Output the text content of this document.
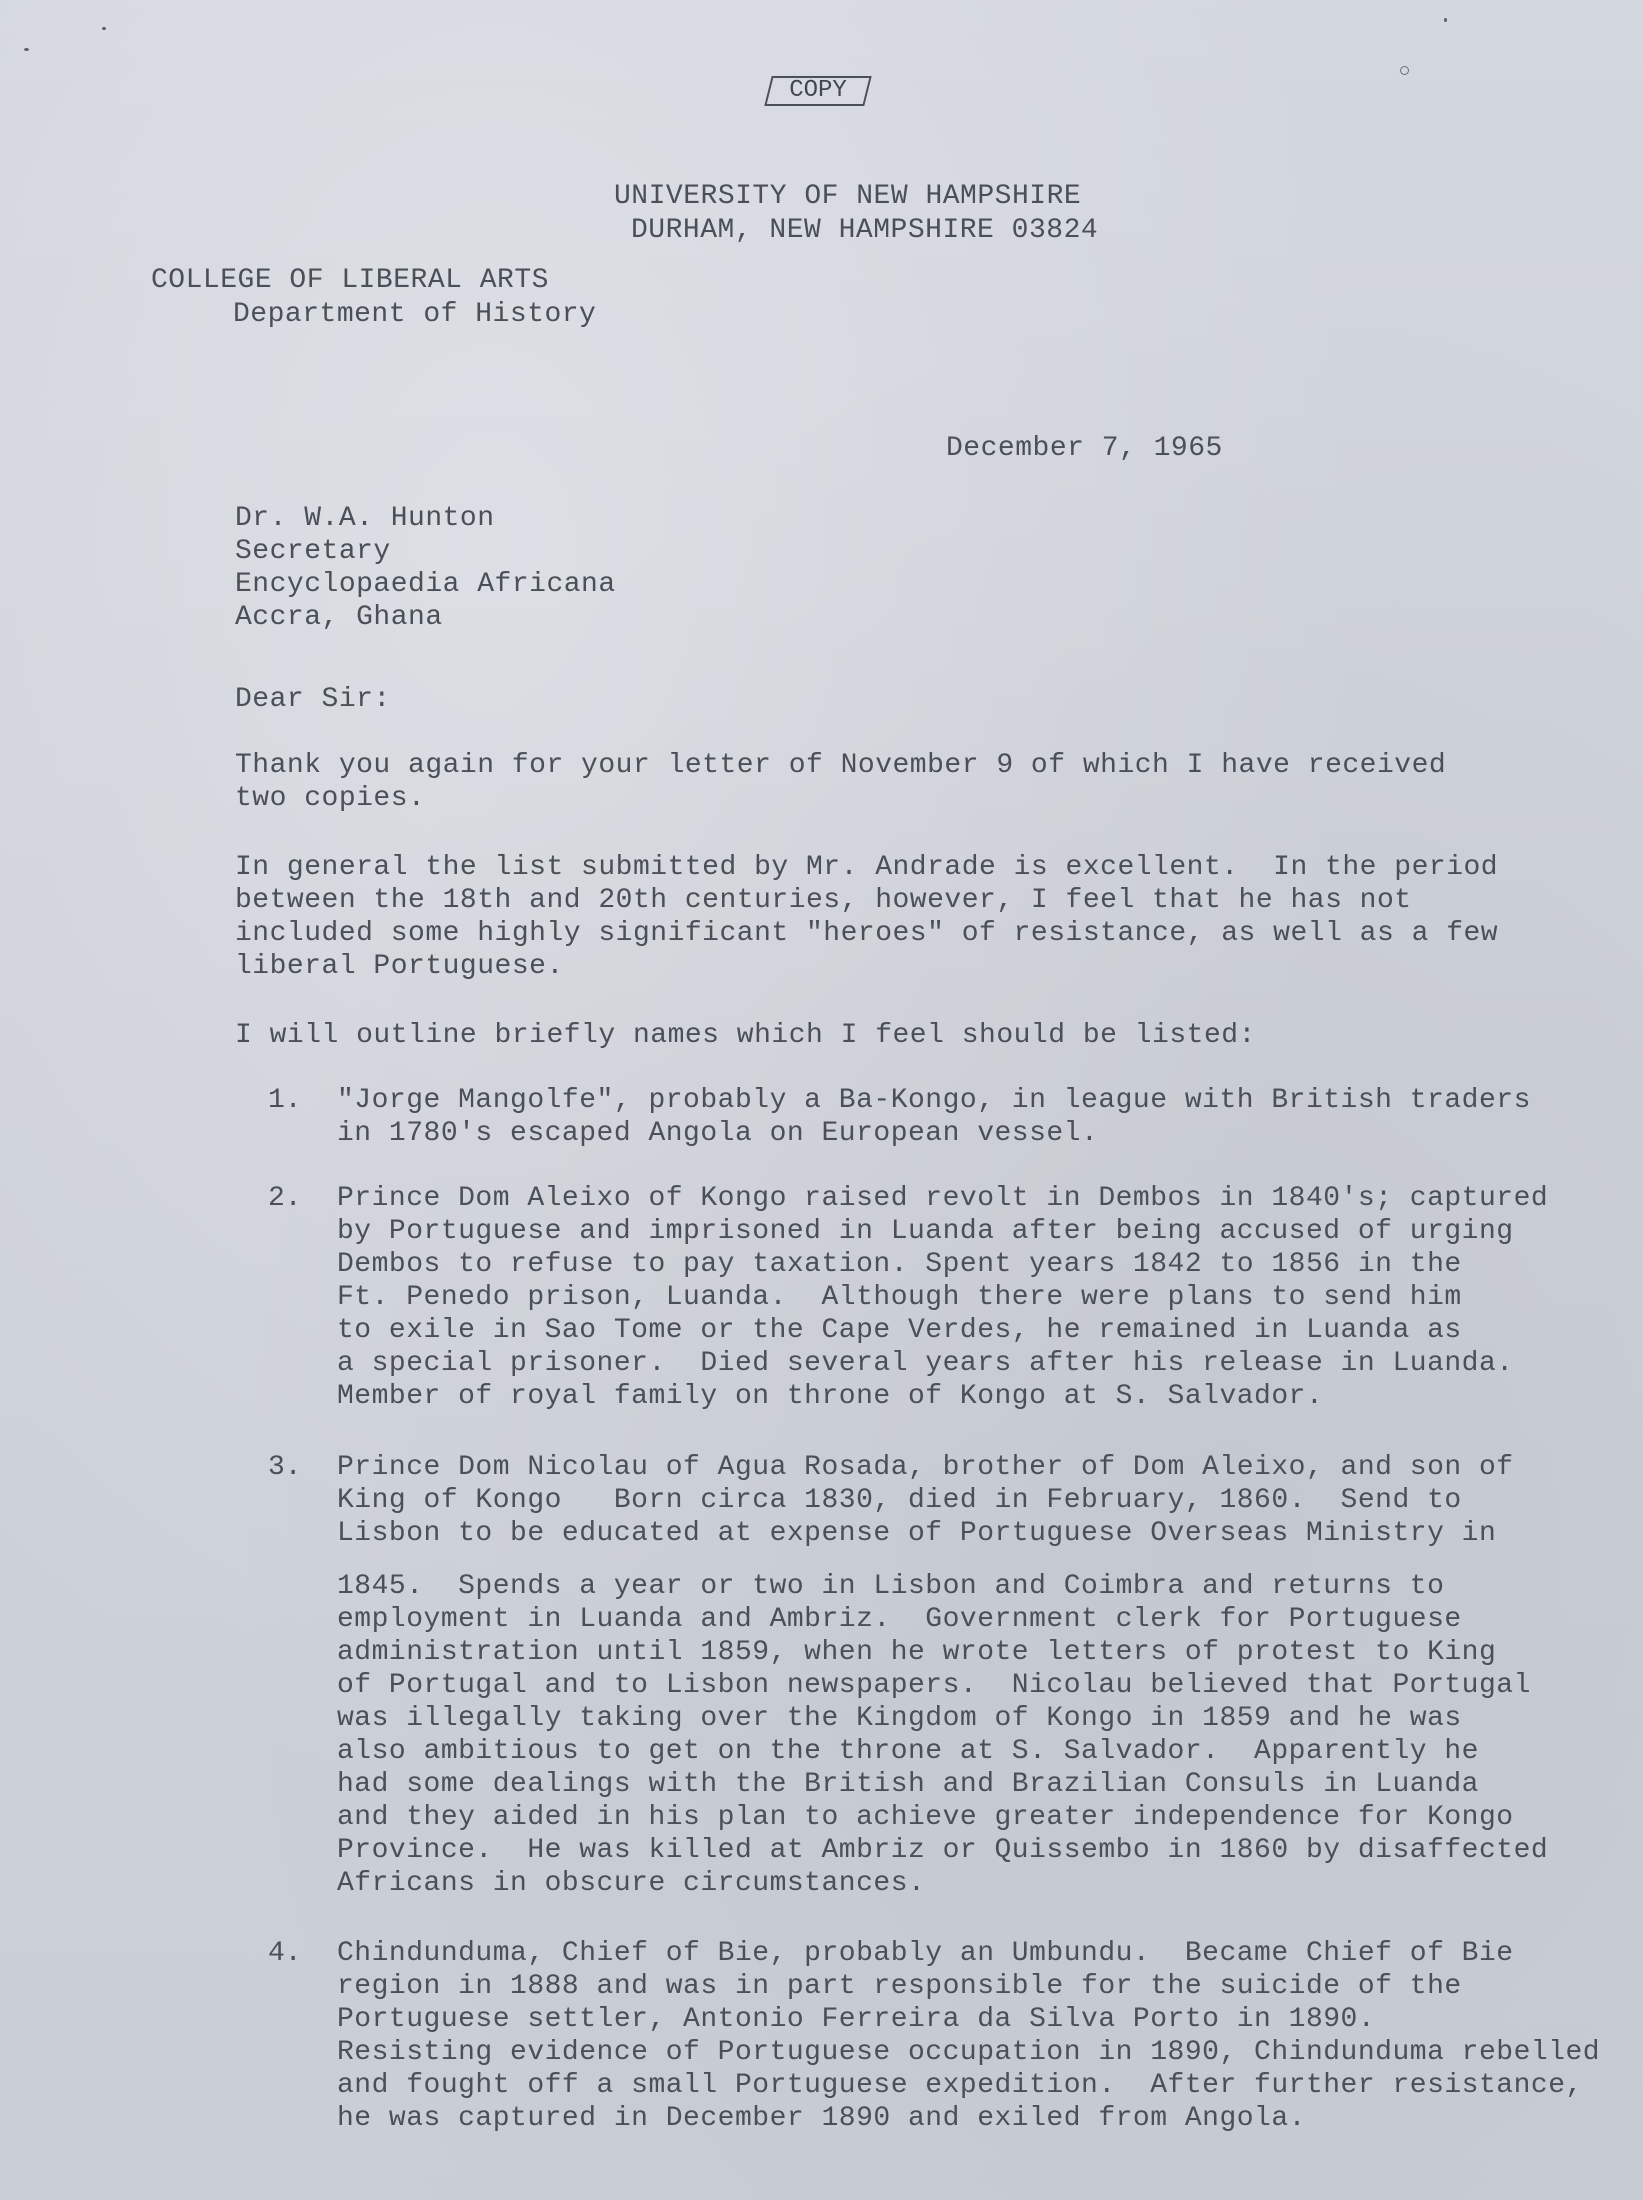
COPY
UNIVERSITY OF NEW HAMPSHIRE
DURHAM, NEW HAMPSHIRE 03824
COLLEGE OF LIBERAL ARTS
Department of History
December 7, 1965
Dr. W.A. Hunton
Secretary
Encyclopaedia Africana
Accra, Ghana
Dear Sir:
Thank you again for your letter of November 9 of which I have received
two copies.
In general the list submitted by Mr. Andrade is excellent.  In the period
between the 18th and 20th centuries, however, I feel that he has not
included some highly significant "heroes" of resistance, as well as a few
liberal Portuguese.
I will outline briefly names which I feel should be listed:
1. "Jorge Mangolfe", probably a Ba-Kongo, in league with British traders
in 1780's escaped Angola on European vessel.
2. Prince Dom Aleixo of Kongo raised revolt in Dembos in 1840's; captured
by Portuguese and imprisoned in Luanda after being accused of urging
Dembos to refuse to pay taxation. Spent years 1842 to 1856 in the
Ft. Penedo prison, Luanda.  Although there were plans to send him
to exile in Sao Tome or the Cape Verdes, he remained in Luanda as
a special prisoner.  Died several years after his release in Luanda.
Member of royal family on throne of Kongo at S. Salvador.
3. Prince Dom Nicolau of Agua Rosada, brother of Dom Aleixo, and son of
King of Kongo   Born circa 1830, died in February, 1860.  Send to
Lisbon to be educated at expense of Portuguese Overseas Ministry in
1845.  Spends a year or two in Lisbon and Coimbra and returns to
employment in Luanda and Ambriz.  Government clerk for Portuguese
administration until 1859, when he wrote letters of protest to King
of Portugal and to Lisbon newspapers.  Nicolau believed that Portugal
was illegally taking over the Kingdom of Kongo in 1859 and he was
also ambitious to get on the throne at S. Salvador.  Apparently he
had some dealings with the British and Brazilian Consuls in Luanda
and they aided in his plan to achieve greater independence for Kongo
Province.  He was killed at Ambriz or Quissembo in 1860 by disaffected
Africans in obscure circumstances.
4. Chindunduma, Chief of Bie, probably an Umbundu.  Became Chief of Bie
region in 1888 and was in part responsible for the suicide of the
Portuguese settler, Antonio Ferreira da Silva Porto in 1890.
Resisting evidence of Portuguese occupation in 1890, Chindunduma rebelled
and fought off a small Portuguese expedition.  After further resistance,
he was captured in December 1890 and exiled from Angola.
